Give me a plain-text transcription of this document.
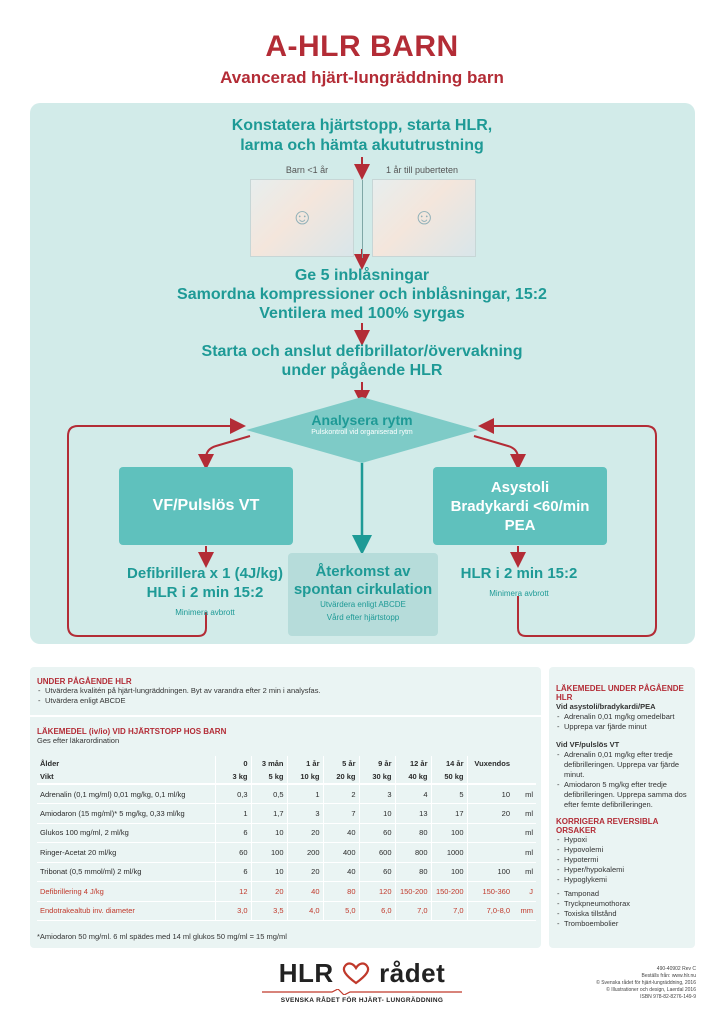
A-HLR BARN
Avancerad hjärt-lungräddning barn
Konstatera hjärtstopp, starta HLR,
larma och hämta akututrustning
Barn <1 år	1 år till puberteten
☺	☺
Ge 5 inblåsningar
Samordna kompressioner och inblåsningar, 15:2
Ventilera med 100% syrgas
Starta och anslut defibrillator/övervakning
under pågående HLR
Analysera rytm
Pulskontroll vid organiserad rytm
VF/Pulslös VT
Asystoli
Bradykardi <60/min
PEA
Defibrillera x 1 (4J/kg)
HLR i 2 min 15:2
Minimera avbrott
Återkomst av
spontan cirkulation
Utvärdera enligt ABCDE
Vård efter hjärtstopp
HLR i 2 min 15:2
Minimera avbrott
UNDER PÅGÅENDE HLR
- Utvärdera kvalitén på hjärt-lungräddningen. Byt av varandra efter 2 min i analysfas.
- Utvärdera enligt ABCDE
LÄKEMEDEL (iv/io) VID HJÄRTSTOPP HOS BARN
Ges efter läkarordination
Ålder	0	3 mån	1 år	5 år	9 år	12 år	14 år	Vuxendos	
Vikt	3 kg	5 kg	10 kg	20 kg	30 kg	40 kg	50 kg		
Adrenalin (0,1 mg/ml) 0,01 mg/kg, 0,1 ml/kg	0,3	0,5	1	2	3	4	5	10	ml
Amiodaron (15 mg/ml)* 5 mg/kg, 0,33 ml/kg	1	1,7	3	7	10	13	17	20	ml
Glukos 100 mg/ml, 2 ml/kg	6	10	20	40	60	80	100		ml
Ringer-Acetat 20 ml/kg	60	100	200	400	600	800	1000		ml
Tribonat (0,5 mmol/ml) 2 ml/kg	6	10	20	40	60	80	100	100	ml
Defibrillering 4 J/kg	12	20	40	80	120	150-200	150-200	150-360	J
Endotrakealtub inv. diameter	3,0	3,5	4,0	5,0	6,0	7,0	7,0	7,0-8,0	mm
*Amiodaron 50 mg/ml. 6 ml spädes med 14 ml glukos 50 mg/ml = 15 mg/ml
LÄKEMEDEL UNDER PÅGÅENDE HLR
Vid asystoli/bradykardi/PEA
- Adrenalin 0,01 mg/kg omedelbart
- Upprepa var fjärde minut
Vid VF/pulslös VT
- Adrenalin 0,01 mg/kg efter tredje defibrilleringen. Upprepa var fjärde minut.
- Amiodaron 5 mg/kg efter tredje defibrilleringen. Upprepa samma dos efter femte defibrilleringen.
KORRIGERA REVERSIBLA ORSAKER
- Hypoxi
- Hypovolemi
- Hypotermi
- Hyper/hypokalemi
- Hypoglykemi
- Tamponad
- Tryckpneumothorax
- Toxiska tillstånd
- Tromboembolier
HLR rådet
SVENSKA RÅDET FÖR HJÄRT- LUNGRÄDDNING
490-40902 Rev C
Beställs från: www.hlr.nu
© Svenska rådet för hjärt-lungräddning, 2016
© Illustrationer och design, Laerdal 2016
ISBN 978-82-8276-149-9
